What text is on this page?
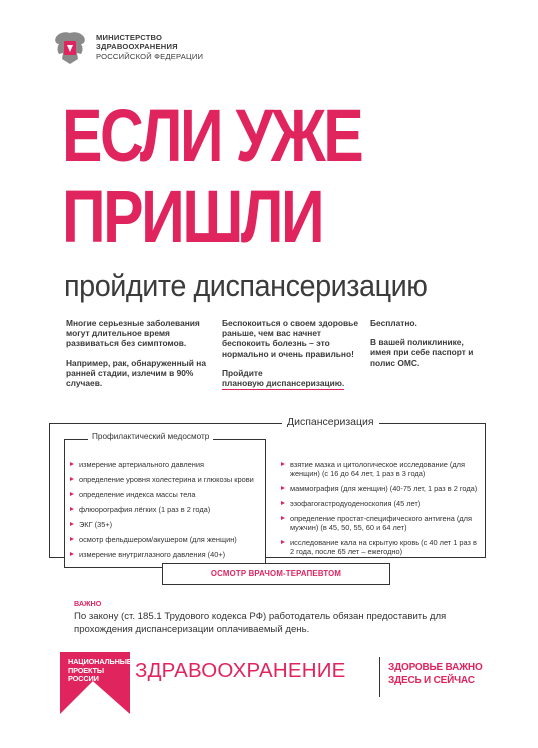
МИНИСТЕРСТВО
ЗДРАВООХРАНЕНИЯ
РОССИЙСКОЙ ФЕДЕРАЦИИ
ЕСЛИ УЖЕ
ПРИШЛИ
пройдите диспансеризацию

Многие серьезные заболевания могут длительное время развиваться без симптомов.

Например, рак, обнаруженный на ранней стадии, излечим в 90% случаев.

Беспокоиться о своем здоровье раньше, чем вас начнет беспокоить болезнь – это нормально и очень правильно!

Пройдите
плановую диспансеризацию.

Бесплатно.

В вашей поликлинике, имея при себе паспорт и полис ОМС.

Диспансеризация
Профилактический медосмотр
измерение артериального давления
определение уровня холестерина и глюкозы крови
определение индекса массы тела
флюорография лёгких (1 раз в 2 года)
ЭКГ (35+)
осмотр фельдшером/акушером (для женщин)
измерение внутриглазного давления (40+)
взятие мазка и цитологическое исследование (для женщин) (с 16 до 64 лет, 1 раз в 3 года)
маммография (для женщин) (40-75 лет, 1 раз в 2 года)
эзофагогастродуоденоскопия (45 лет)
определение простат-специфического антигена (для мужчин) (в 45, 50, 55, 60 и 64 лет)
исследование кала на скрытую кровь (с 40 лет 1 раз в 2 года, после 65 лет – ежегодно)
ОСМОТР ВРАЧОМ-ТЕРАПЕВТОМ
ВАЖНО
По закону (ст. 185.1 Трудового кодекса РФ) работодатель обязан предоставить для прохождения диспансеризации оплачиваемый день.
НАЦИОНАЛЬНЫЕ
ПРОЕКТЫ
РОССИИ	ЗДРАВООХРАНЕНИЕ	ЗДОРОВЬЕ ВАЖНО
ЗДЕСЬ И СЕЙЧАС
